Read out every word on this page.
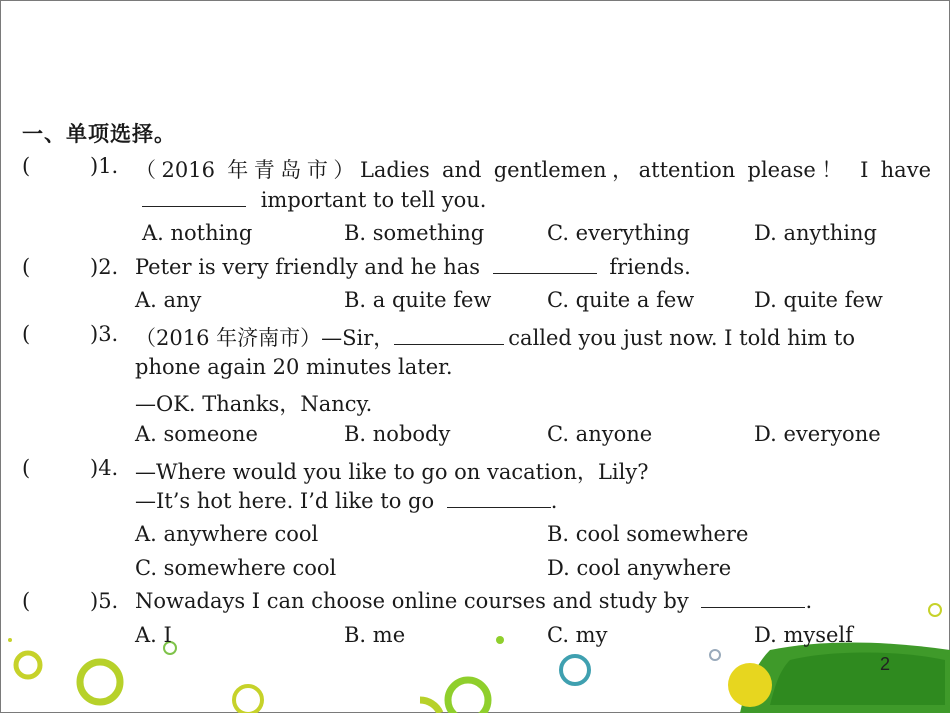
一、单项选择。
(	)1. （2016 年青岛市）Ladies and gentlemen，attention please！ I have
important to tell you.
A. nothing	B. something	C. everything	D. anything
(	)2. Peter is very friendly and he has	friends.
A. any	B. a quite few	C. quite a few	D. quite few
(	)3. （2016 年济南市）—Sir，	called you just now. I told him to
phone again 20 minutes later.
—OK. Thanks，Nancy.
A. someone	B. nobody	C. anyone	D. everyone
(	)4. —Where would you like to go on vacation，Lily?
—It’s hot here. I’d like to go	.
A. anywhere cool	B. cool somewhere
C. somewhere cool	D. cool anywhere
(	)5. Nowadays I can choose online courses and study by	.
A. I	B. me	C. my	D. myself
2
